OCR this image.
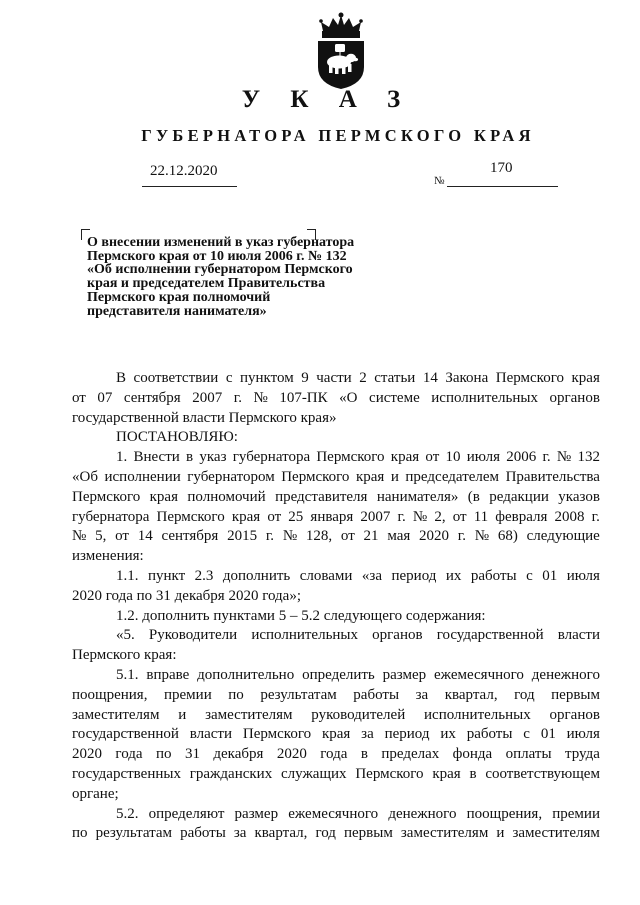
У К А З
ГУБЕРНАТОРА ПЕРМСКОГО КРАЯ
22.12.2020	170
№
О внесении изменений в указ губернатора
Пермского края от 10 июля 2006 г. № 132
«Об исполнении губернатором Пермского
края и председателем Правительства
Пермского края полномочий
представителя нанимателя»
В соответствии с пунктом 9 части 2 статьи 14 Закона Пермского края
от 07 сентября 2007 г. № 107-ПК «О системе исполнительных органов
государственной власти Пермского края»
ПОСТАНОВЛЯЮ:
1. Внести в указ губернатора Пермского края от 10 июля 2006 г. № 132
«Об исполнении губернатором Пермского края и председателем Правительства
Пермского края полномочий представителя нанимателя» (в редакции указов
губернатора Пермского края от 25 января 2007 г. № 2, от 11 февраля 2008 г.
№ 5, от 14 сентября 2015 г. № 128, от 21 мая 2020 г. № 68) следующие
изменения:
1.1. пункт 2.3 дополнить словами «за период их работы с 01 июля
2020 года по 31 декабря 2020 года»;
1.2. дополнить пунктами 5 – 5.2 следующего содержания:
«5. Руководители исполнительных органов государственной власти
Пермского края:
5.1. вправе дополнительно определить размер ежемесячного денежного
поощрения, премии по результатам работы за квартал, год первым
заместителям и заместителям руководителей исполнительных органов
государственной власти Пермского края за период их работы с 01 июля
2020 года по 31 декабря 2020 года в пределах фонда оплаты труда
государственных гражданских служащих Пермского края в соответствующем
органе;
5.2. определяют размер ежемесячного денежного поощрения, премии
по результатам работы за квартал, год первым заместителям и заместителям
